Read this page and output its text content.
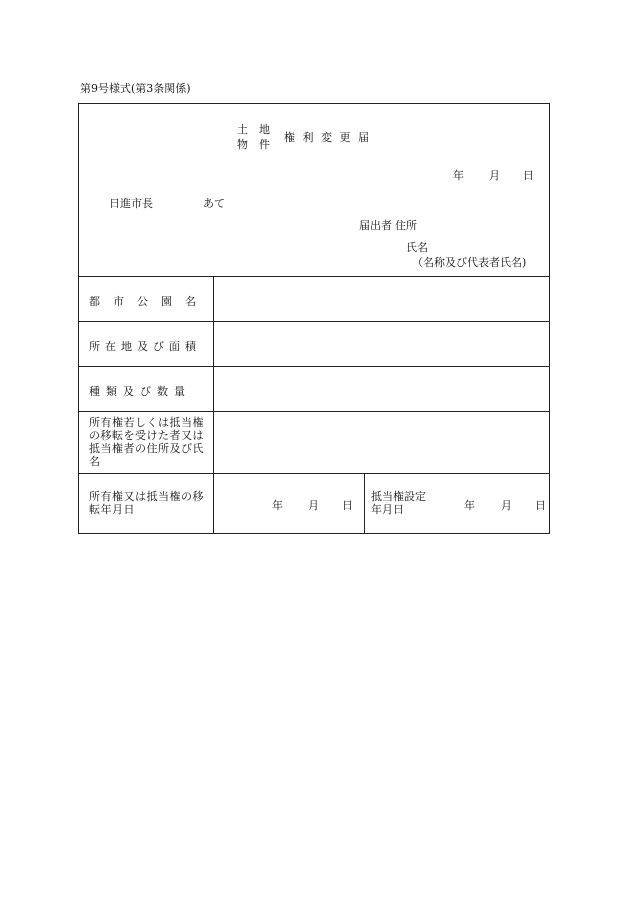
第9号様式(第3条関係)
土　地
物　件
権 利 変 更 届
年 月 日
日進市長	あて
届出者 住所
氏名
（名称及び代表者氏名)
都市公園名
所在地及び面積
種類及び数量
所有権若しくは抵当権の移転を受けた者又は抵当権者の住所及び氏名
所有権又は抵当権の移転年月日	年 月 日
抵当権設定年月日	年 月 日
